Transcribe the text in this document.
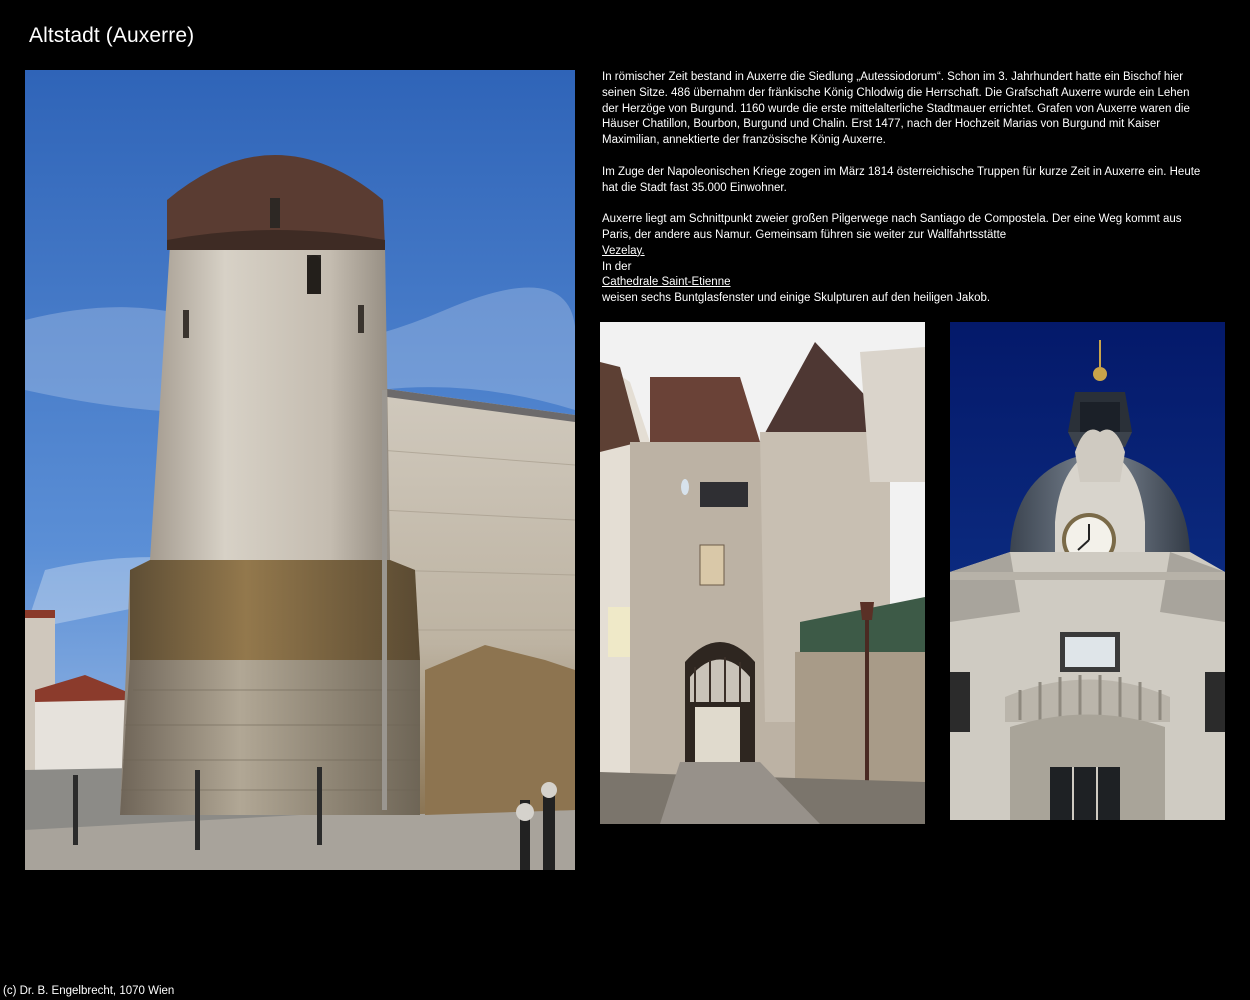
Altstadt (Auxerre)

In römischer Zeit bestand in Auxerre die Siedlung „Autessiodorum“. Schon im 3. Jahrhundert hatte ein Bischof hier seinen Sitze. 486 übernahm der fränkische König Chlodwig die Herrschaft. Die Grafschaft Auxerre wurde ein Lehen der Herzöge von Burgund. 1160 wurde die erste mittelalterliche Stadtmauer errichtet. Grafen von Auxerre waren die Häuser Chatillon, Bourbon, Burgund und Chalin. Erst 1477, nach der Hochzeit Marias von Burgund mit Kaiser Maximilian, annektierte der französische König Auxerre.

Im Zuge der Napoleonischen Kriege zogen im März 1814 österreichische Truppen für kurze Zeit in Auxerre ein. Heute hat die Stadt fast 35.000 Einwohner.

Auxerre liegt am Schnittpunkt zweier großen Pilgerwege nach Santiago de Compostela. Der eine Weg kommt aus Paris, der andere aus Namur. Gemeinsam führen sie weiter zur Wallfahrtsstätte
Vezelay.
In der
Cathedrale Saint-Etienne
weisen sechs Buntglasfenster und einige Skulpturen auf den heiligen Jakob.

(c) Dr. B. Engelbrecht, 1070 Wien
